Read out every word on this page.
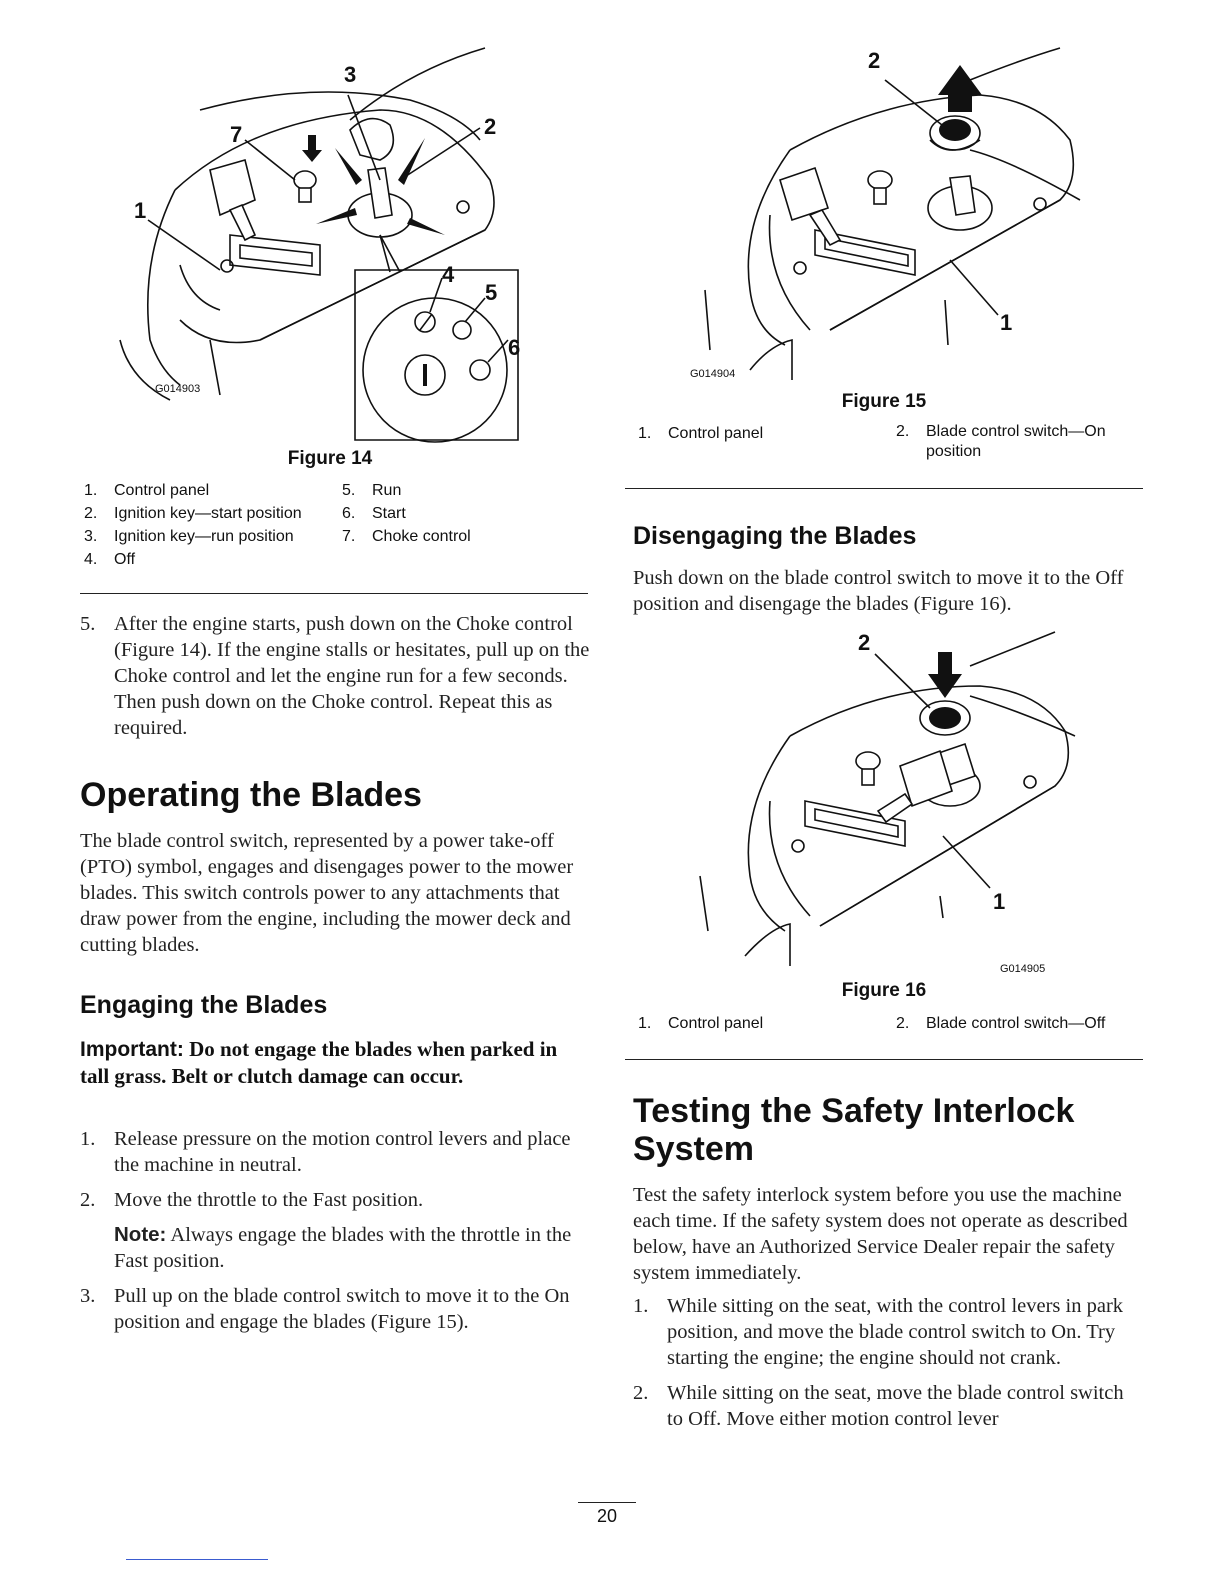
3
2
7
1
4
5
6
G014903
Figure 14
1. Control panel
2. Ignition key—start position
3. Ignition key—run position
4. Off
5. Run
6. Start
7. Choke control
5. After the engine starts, push down on the Choke control (Figure 14). If the engine stalls or hesitates, pull up on the Choke control and let the engine run for a few seconds. Then push down on the Choke control. Repeat this as required.
Operating the Blades
The blade control switch, represented by a power take-off (PTO) symbol, engages and disengages power to the mower blades. This switch controls power to any attachments that draw power from the engine, including the mower deck and cutting blades.
Engaging the Blades
Important: Do not engage the blades when parked in tall grass. Belt or clutch damage can occur.
1. Release pressure on the motion control levers and place the machine in neutral.
2. Move the throttle to the Fast position.
Note: Always engage the blades with the throttle in the Fast position.
3. Pull up on the blade control switch to move it to the On position and engage the blades (Figure 15).
2
1
G014904
Figure 15
1. Control panel	2.	Blade control switch—On position
Disengaging the Blades
Push down on the blade control switch to move it to the Off position and disengage the blades (Figure 16).
2
1
G014905
Figure 16
1. Control panel	2. Blade control switch—Off
Testing the Safety Interlock
System
Test the safety interlock system before you use the machine each time. If the safety system does not operate as described below, have an Authorized Service Dealer repair the safety system immediately.
1. While sitting on the seat, with the control levers in park position, and move the blade control switch to On. Try starting the engine; the engine should not crank.
2. While sitting on the seat, move the blade control switch to Off. Move either motion control lever
20
